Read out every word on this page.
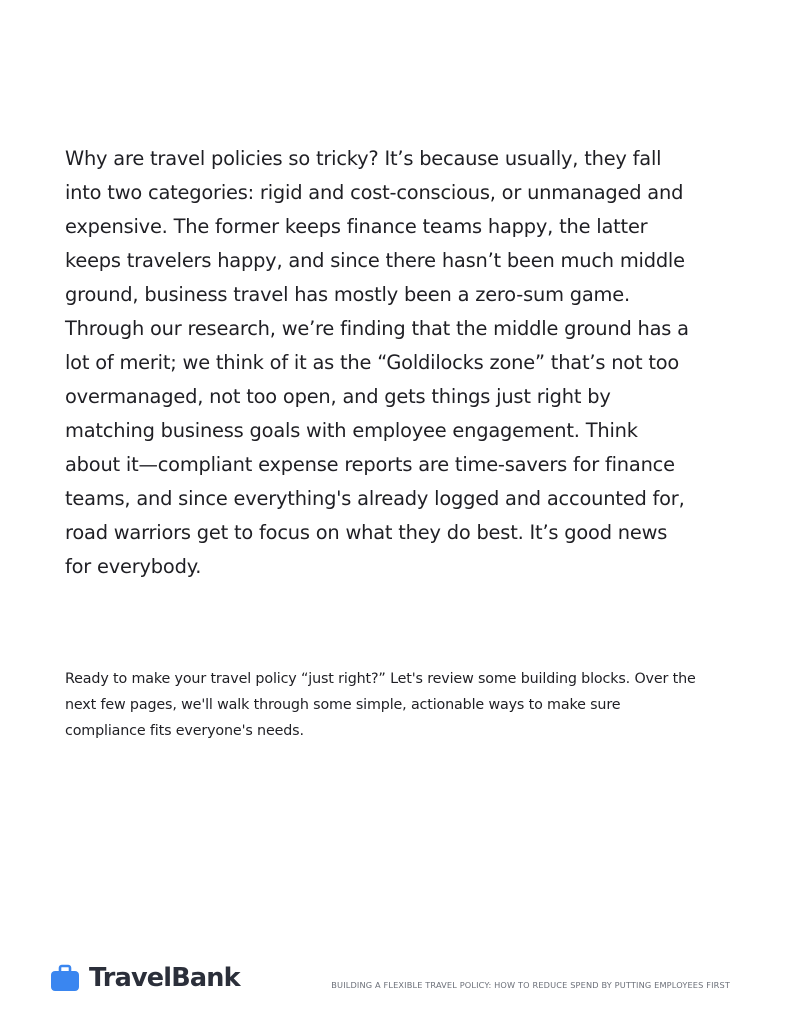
Why are travel policies so tricky? It’s because usually, they fall into two categories: rigid and cost-conscious, or unmanaged and expensive. The former keeps finance teams happy, the latter keeps travelers happy, and since there hasn’t been much middle ground, business travel has mostly been a zero-sum game. Through our research, we’re finding that the middle ground has a lot of merit; we think of it as the “Goldilocks zone” that’s not too overmanaged, not too open, and gets things just right by matching business goals with employee engagement. Think about it—compliant expense reports are time-savers for finance teams, and since everything's already logged and accounted for, road warriors get to focus on what they do best. It’s good news for everybody.

Ready to make your travel policy “just right?” Let's review some building blocks. Over the next few pages, we'll walk through some simple, actionable ways to make sure compliance fits everyone's needs.

TravelBank	BUILDING A FLEXIBLE TRAVEL POLICY: HOW TO REDUCE SPEND BY PUTTING EMPLOYEES FIRST
